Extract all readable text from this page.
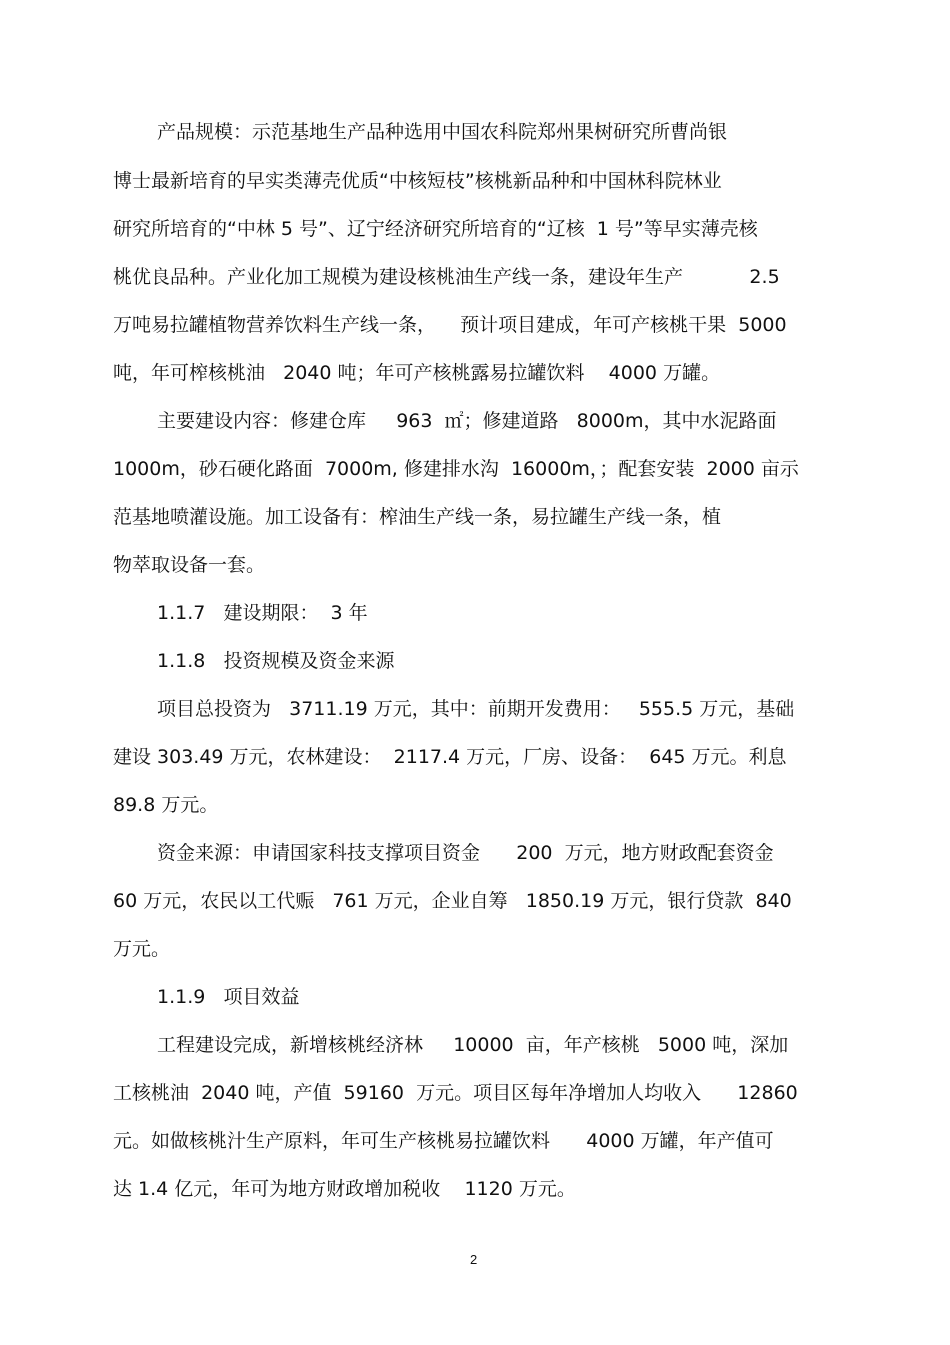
产品规模：示范基地生产品种选用中国农科院郑州果树研究所曹尚银

博士最新培育的早实类薄壳优质“中核短枝”核桃新品种和中国林科院林业

研究所培育的“中林 5 号”、辽宁经济研究所培育的“辽核  1 号”等早实薄壳核

桃优良品种。产业化加工规模为建设核桃油生产线一条，建设年生产           2.5

万吨易拉罐植物营养饮料生产线一条，    预计项目建成，年可产核桃干果  5000

吨，年可榨核桃油   2040 吨；年可产核桃露易拉罐饮料    4000 万罐。

主要建设内容：修建仓库     963  ㎡；修建道路   8000m，其中水泥路面

1000m，砂石硬化路面  7000m, 修建排水沟  16000m，；配套安装  2000 亩示

范基地喷灌设施。加工设备有：榨油生产线一条，易拉罐生产线一条，植

物萃取设备一套。

1.1.7   建设期限：  3 年

1.1.8   投资规模及资金来源

项目总投资为   3711.19 万元，其中：前期开发费用：   555.5 万元，基础

建设 303.49 万元，农林建设：  2117.4 万元，厂房、设备：  645 万元。利息

89.8 万元。

资金来源：申请国家科技支撑项目资金      200  万元，地方财政配套资金

60 万元，农民以工代赈   761 万元，企业自筹   1850.19 万元，银行贷款  840

万元。

1.1.9   项目效益

工程建设完成，新增核桃经济林     10000  亩，年产核桃   5000 吨，深加

工核桃油  2040 吨，产值  59160  万元。项目区每年净增加人均收入      12860

元。如做核桃汁生产原料，年可生产核桃易拉罐饮料      4000 万罐，年产值可

达 1.4 亿元，年可为地方财政增加税收    1120 万元。

2
